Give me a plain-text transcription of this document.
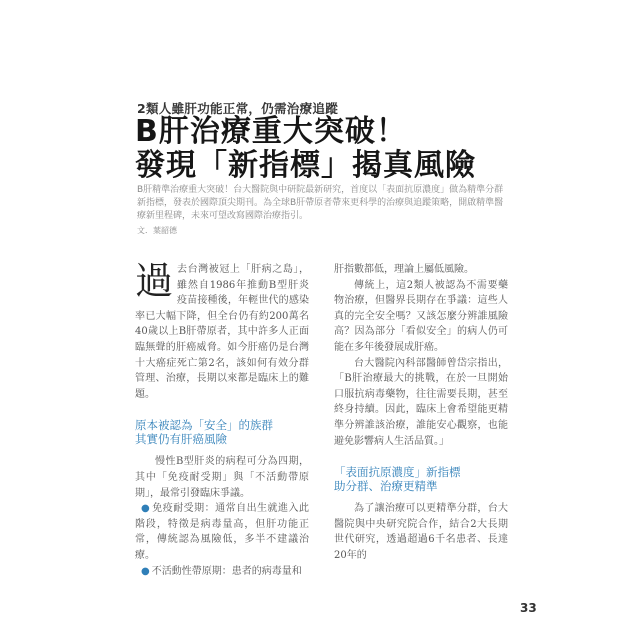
2類人雖肝功能正常，仍需治療追蹤
B肝治療重大突破！
發現「新指標」揭真風險
B肝精準治療重大突破！台大醫院與中研院最新研究，首度以「表面抗原濃度」做為精準分群新指標，發表於國際頂尖期刊。為全球B肝帶原者帶來更科學的治療與追蹤策略，開啟精準醫療新里程碑，未來可望改寫國際治療指引。
文．葉韶德

過去台灣被冠上「肝病之島」，雖然自1986年推動B型肝炎疫苗接種後，年輕世代的感染率已大幅下降，但全台仍有約200萬名40歲以上B肝帶原者，其中許多人正面臨無聲的肝癌威脅。如今肝癌仍是台灣十大癌症死亡第2名，該如何有效分群管理、治療，長期以來都是臨床上的難題。

原本被認為「安全」的族群
其實仍有肝癌風險

慢性B型肝炎的病程可分為四期，其中「免疫耐受期」與「不活動帶原期」，最常引發臨床爭議。

● 免疫耐受期：通常自出生就進入此階段，特徵是病毒量高，但肝功能正常，傳統認為風險低，多半不建議治療。

● 不活動性帶原期：患者的病毒量和

肝指數都低，理論上屬低風險。

傳統上，這2類人被認為不需要藥物治療，但醫界長期存在爭議：這些人真的完全安全嗎？又該怎麼分辨誰風險高？因為部分「看似安全」的病人仍可能在多年後發展成肝癌。

台大醫院內科部醫師曾岱宗指出，「B肝治療最大的挑戰，在於一旦開始口服抗病毒藥物，往往需要長期，甚至終身持續。因此，臨床上會希望能更精準分辨誰該治療，誰能安心觀察，也能避免影響病人生活品質。」

「表面抗原濃度」新指標
助分群、治療更精準

為了讓治療可以更精準分群，台大醫院與中央研究院合作，結合2大長期世代研究，透過超過6千名患者、長達20年的

33
